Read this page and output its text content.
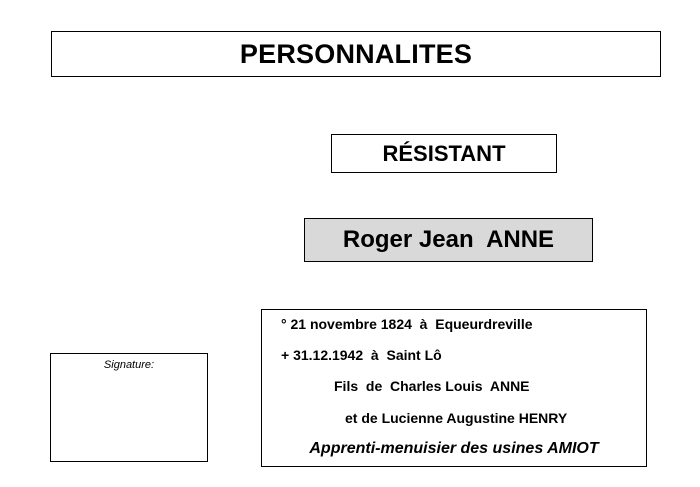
PERSONNALITES
RÉSISTANT
Roger Jean  ANNE
Signature:
° 21 novembre 1824  à  Equeurdreville
+ 31.12.1942  à  Saint Lô
Fils  de  Charles Louis  ANNE
et de Lucienne Augustine HENRY
Apprenti-menuisier des usines AMIOT
